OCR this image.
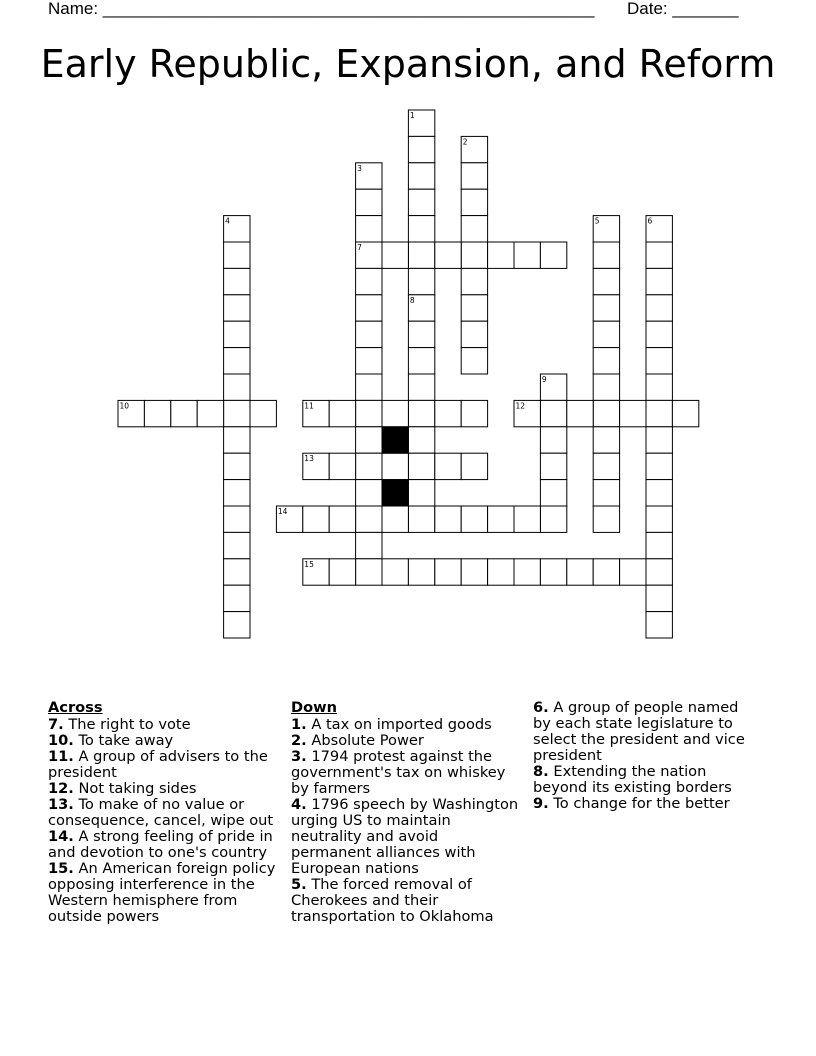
Name: ____________________________________________________ Date: _______
Early Republic, Expansion, and Reform
1
2
3
4	5	6
7
8
9
10	11	12
13
14
15
Across
7. The right to vote
10. To take away
11. A group of advisers to the president
12. Not taking sides
13. To make of no value or consequence, cancel, wipe out
14. A strong feeling of pride in and devotion to one's country
15. An American foreign policy opposing interference in the Western hemisphere from outside powers
Down
1. A tax on imported goods
2. Absolute Power
3. 1794 protest against the government's tax on whiskey by farmers
4. 1796 speech by Washington urging US to maintain neutrality and avoid permanent alliances with European nations
5. The forced removal of Cherokees and their transportation to Oklahoma
6. A group of people named by each state legislature to select the president and vice president
8. Extending the nation beyond its existing borders
9. To change for the better
